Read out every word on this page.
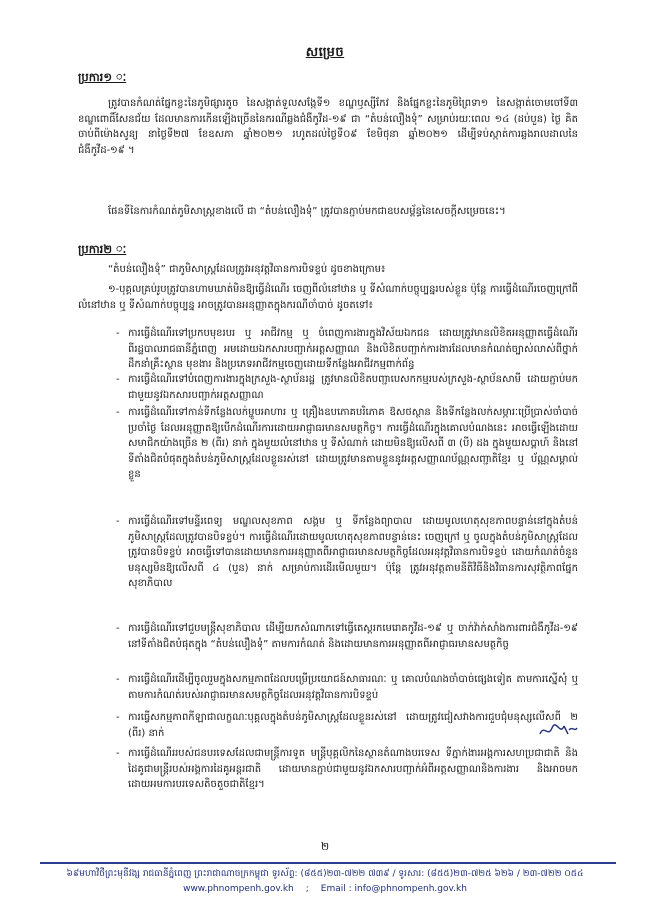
សម្រេច
ប្រការ១ ៈ

ត្រូវបានកំណត់ផ្នែកខ្លះនៃភូមិផ្សារតូច នៃសង្កាត់ទួលសង្កែទី១ ខណ្ឌឫស្សីកែវ និងផ្នែកខ្លះនៃភូមិព្រៃទា១ នៃសង្កាត់ចោមចៅទី៣ ខណ្ឌពោធិ៍សែនជ័យ ដែលមានការកើនឡើងច្រើននៃករណីឆ្លងជំងឺកូវីដ-១៩ ជា “តំបន់លឿងទុំ” សម្រាប់រយៈពេល ១៤ (ដប់បួន) ថ្ងៃ គិតចាប់ពីម៉ោងសូន្យ នាថ្ងៃទី២៧ ខែឧសភា ឆ្នាំ២០២១ រហូតដល់ថ្ងៃទី០៩ ខែមិថុនា ឆ្នាំ២០២១ ដើម្បីទប់ស្កាត់ការឆ្លងរាលដាលនៃជំងឺកូវីដ-១៩ ។

ផែនទីនៃការកំណត់ភូមិសាស្ត្រខាងលើ ជា “តំបន់លឿងទុំ” ត្រូវបានភ្ជាប់មកជាឧបសម្ព័ន្ធនៃសេចក្តីសម្រេចនេះ។

ប្រការ២ ៈ

“តំបន់លឿងទុំ” ជាភូមិសាស្ត្រដែលត្រូវអនុវត្តវិធានការបិទខ្ទប់ ដូចខាងក្រោម៖

១-បុគ្គលគ្រប់រូបត្រូវបានហាមឃាត់មិនឱ្យធ្វើដំណើរ ចេញពីលំនៅឋាន ឬ ទីសំណាក់បច្ចុប្បន្នរបស់ខ្លួន ប៉ុន្តែ ការធ្វើដំណើរចេញក្រៅពីលំនៅឋាន ឬ ទីសំណាក់បច្ចុប្បន្ន អាចត្រូវបានអនុញ្ញាតក្នុងករណីចាំបាច់ ដូចតទៅ៖

- ការធ្វើដំណើរទៅប្រកបមុខរបរ ឬ អាជីវកម្ម ឬ បំពេញការងារក្នុងវិស័យឯកជន ដោយត្រូវមានលិខិតអនុញ្ញាតធ្វើដំណើរពីរដ្ឋបាលរាជធានីភ្នំពេញ អមដោយឯកសារបញ្ជាក់អត្តសញ្ញាណ និងលិខិតបញ្ជាក់ការងារដែលមានកំណត់ច្បាស់លាស់ពីថ្នាក់ដឹកនាំគ្រឹះស្ថាន មុខងារ និងប្រភេទអាជីវកម្មចេញដោយទីកន្លែងអាជីវកម្មពាក់ព័ន្ធ
- ការធ្វើដំណើរទៅបំពេញការងារក្នុងក្រសួង-ស្ថាប័នរដ្ឋ ត្រូវមានលិខិតបញ្ជាបេសកកម្មរបស់ក្រសួង-ស្ថាប័នសាមី ដោយភ្ជាប់មកជាមួយនូវឯកសារបញ្ជាក់អត្តសញ្ញាណ
- ការធ្វើដំណើរទៅកាន់ទីកន្លែងលក់ម្ហូបអាហារ ឬ គ្រឿងឧបភោគបរិភោគ ឱសថស្ថាន និងទីកន្លែងលក់សម្ភារៈប្រើប្រាស់ចាំបាច់ប្រចាំថ្ងៃ ដែលអនុញ្ញាតឱ្យបើកដំណើរការដោយអាជ្ញាធរមានសមត្ថកិច្ច។ ការធ្វើដំណើរក្នុងគោលបំណងនេះ អាចធ្វើឡើងដោយសមាជិកយ៉ាងច្រើន ២ (ពីរ) នាក់ ក្នុងមួយលំនៅឋាន ឬ ទីសំណាក់ ដោយមិនឱ្យលើសពី ៣ (បី) ដង ក្នុងមួយសប្តាហ៍ និងនៅទីតាំងជិតបំផុតក្នុងតំបន់ភូមិសាស្ត្រដែលខ្លួនរស់នៅ ដោយត្រូវមានតាមខ្លួននូវអត្តសញ្ញាណប័ណ្ណសញ្ជាតិខ្មែរ ឬ ប័ណ្ណសម្គាល់ខ្លួន
- ការធ្វើដំណើរទៅមន្ទីរពេទ្យ មណ្ឌលសុខភាព សង្គម ឬ ទីកន្លែងព្យាបាល ដោយមូលហេតុសុខភាពបន្ទាន់នៅក្នុងតំបន់ភូមិសាស្ត្រដែលត្រូវបានបិទខ្ទប់។ ការធ្វើដំណើរដោយមូលហេតុសុខភាពបន្ទាន់នេះ ចេញក្រៅ ឬ ចូលក្នុងតំបន់ភូមិសាស្ត្រដែលត្រូវបានបិទខ្ទប់ អាចធ្វើទៅបានដោយមានការអនុញ្ញាតពីអាជ្ញាធរមានសមត្ថកិច្ចដែលអនុវត្តវិធានការបិទខ្ទប់ ដោយកំណត់ចំនួនមនុស្សមិនឱ្យលើសពី ៤ (បួន) នាក់ សម្រាប់ការដើរមើលមួយ។ ប៉ុន្តែ ត្រូវអនុវត្តតាមនីតិវិធីនិងវិធានការសុវត្ថិភាពផ្នែកសុខាភិបាល
- ការធ្វើដំណើរទៅជួបមន្ត្រីសុខាភិបាល ដើម្បីយកសំណាកទៅធ្វើតេស្តរកមេរោគកូវីដ-១៩ ឬ ចាក់វ៉ាក់សាំងការពារជំងឺកូវីដ-១៩ នៅទីតាំងជិតបំផុតក្នុង “តំបន់លឿងទុំ” តាមការកំណត់ និងដោយមានការអនុញ្ញាតពីអាជ្ញាធរមានសមត្ថកិច្ច
- ការធ្វើដំណើរដើម្បីចូលរួមក្នុងសកម្មភាពដែលបម្រើប្រយោជន៍សាធារណៈ ឬ គោលបំណងចាំបាច់ផ្សេងទៀត តាមការស្នើសុំ ឬ តាមការកំណត់របស់អាជ្ញាធរមានសមត្ថកិច្ចដែលអនុវត្តវិធានការបិទខ្ទប់
- ការធ្វើសកម្មភាពកីឡាជាលក្ខណៈបុគ្គលក្នុងតំបន់ភូមិសាស្ត្រដែលខ្លួនរស់នៅ ដោយត្រូវជៀសវាងការជួបជុំមនុស្សលើសពី ២ (ពីរ) នាក់
- ការធ្វើដំណើររបស់ជនបរទេសដែលជាមន្ត្រីការទូត មន្ត្រីបុគ្គលិកនៃស្ថានតំណាងបរទេស ទីភ្នាក់ងារអង្គការសហប្រជាជាតិ និងដៃគូជាមន្ត្រីរបស់អង្គការដៃគូអន្តរជាតិ ដោយមានភ្ជាប់ជាមួយនូវឯកសារបញ្ជាក់អំពីអត្តសញ្ញាណនិងការងារ និងអាចមកដោយអមការបរទេសតិចតួចជាតិខ្មែរ។
២
៦៩មហាវិថីព្រះមុនីវង្ស រាជធានីភ្នំពេញ ព្រះរាជាណាចក្រកម្ពុជា ទូរស័ព្ទ: (៨៥៥)២៣-៧២២ ៧៣៩ / ទូរសារ: (៨៥៥)២៣-៧២៥ ៦២៦ / ២៣-៧២២ ០៥៤
www.phnompenh.gov.kh ; Email : info@phnompenh.gov.kh
